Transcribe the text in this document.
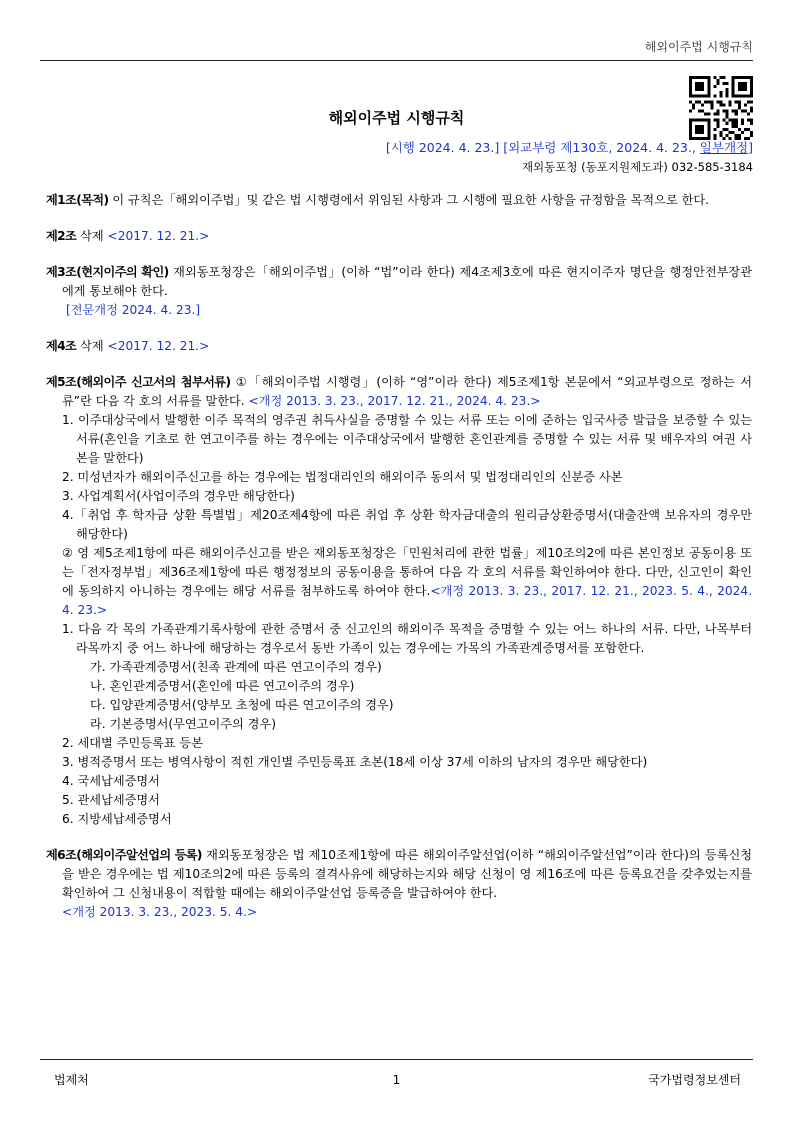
해외이주법 시행규칙
해외이주법 시행규칙
[시행 2024. 4. 23.] [외교부령 제130호, 2024. 4. 23., 일부개정]
재외동포청 (동포지원제도과) 032-585-3184
제1조(목적) 이 규칙은「해외이주법」및 같은 법 시행령에서 위임된 사항과 그 시행에 필요한 사항을 규정함을 목적으로 한다.
제2조 삭제 <2017. 12. 21.>
제3조(현지이주의 확인) 재외동포청장은「해외이주법」(이하 “법”이라 한다) 제4조제3호에 따른 현지이주자 명단을 행정안전부장관에게 통보해야 한다.
[전문개정 2024. 4. 23.]
제4조 삭제 <2017. 12. 21.>
제5조(해외이주 신고서의 첨부서류) ①「해외이주법 시행령」(이하 “영”이라 한다) 제5조제1항 본문에서 “외교부령으로 정하는 서류”란 다음 각 호의 서류를 말한다. <개정 2013. 3. 23., 2017. 12. 21., 2024. 4. 23.>
1. 이주대상국에서 발행한 이주 목적의 영주권 취득사실을 증명할 수 있는 서류 또는 이에 준하는 입국사증 발급을 보증할 수 있는 서류(혼인을 기초로 한 연고이주를 하는 경우에는 이주대상국에서 발행한 혼인관계를 증명할 수 있는 서류 및 배우자의 여권 사본을 말한다)
2. 미성년자가 해외이주신고를 하는 경우에는 법정대리인의 해외이주 동의서 및 법정대리인의 신분증 사본
3. 사업계획서(사업이주의 경우만 해당한다)
4.「취업 후 학자금 상환 특별법」제20조제4항에 따른 취업 후 상환 학자금대출의 원리금상환증명서(대출잔액 보유자의 경우만 해당한다)
② 영 제5조제1항에 따른 해외이주신고를 받은 재외동포청장은「민원처리에 관한 법률」제10조의2에 따른 본인정보 공동이용 또는「전자정부법」제36조제1항에 따른 행정정보의 공동이용을 통하여 다음 각 호의 서류를 확인하여야 한다. 다만, 신고인이 확인에 동의하지 아니하는 경우에는 해당 서류를 첨부하도록 하여야 한다.<개정 2013. 3. 23., 2017. 12. 21., 2023. 5. 4., 2024. 4. 23.>
1. 다음 각 목의 가족관계기록사항에 관한 증명서 중 신고인의 해외이주 목적을 증명할 수 있는 어느 하나의 서류. 다만, 나목부터 라목까지 중 어느 하나에 해당하는 경우로서 동반 가족이 있는 경우에는 가목의 가족관계증명서를 포함한다.
가. 가족관계증명서(친족 관계에 따른 연고이주의 경우)
나. 혼인관계증명서(혼인에 따른 연고이주의 경우)
다. 입양관계증명서(양부모 초청에 따른 연고이주의 경우)
라. 기본증명서(무연고이주의 경우)
2. 세대별 주민등록표 등본
3. 병적증명서 또는 병역사항이 적힌 개인별 주민등록표 초본(18세 이상 37세 이하의 남자의 경우만 해당한다)
4. 국세납세증명서
5. 관세납세증명서
6. 지방세납세증명서
제6조(해외이주알선업의 등록) 재외동포청장은 법 제10조제1항에 따른 해외이주알선업(이하 “해외이주알선업”이라 한다)의 등록신청을 받은 경우에는 법 제10조의2에 따른 등록의 결격사유에 해당하는지와 해당 신청이 영 제16조에 따른 등록요건을 갖추었는지를 확인하여 그 신청내용이 적합할 때에는 해외이주알선업 등록증을 발급하여야 한다.
<개정 2013. 3. 23., 2023. 5. 4.>
법제처	1	국가법령정보센터
